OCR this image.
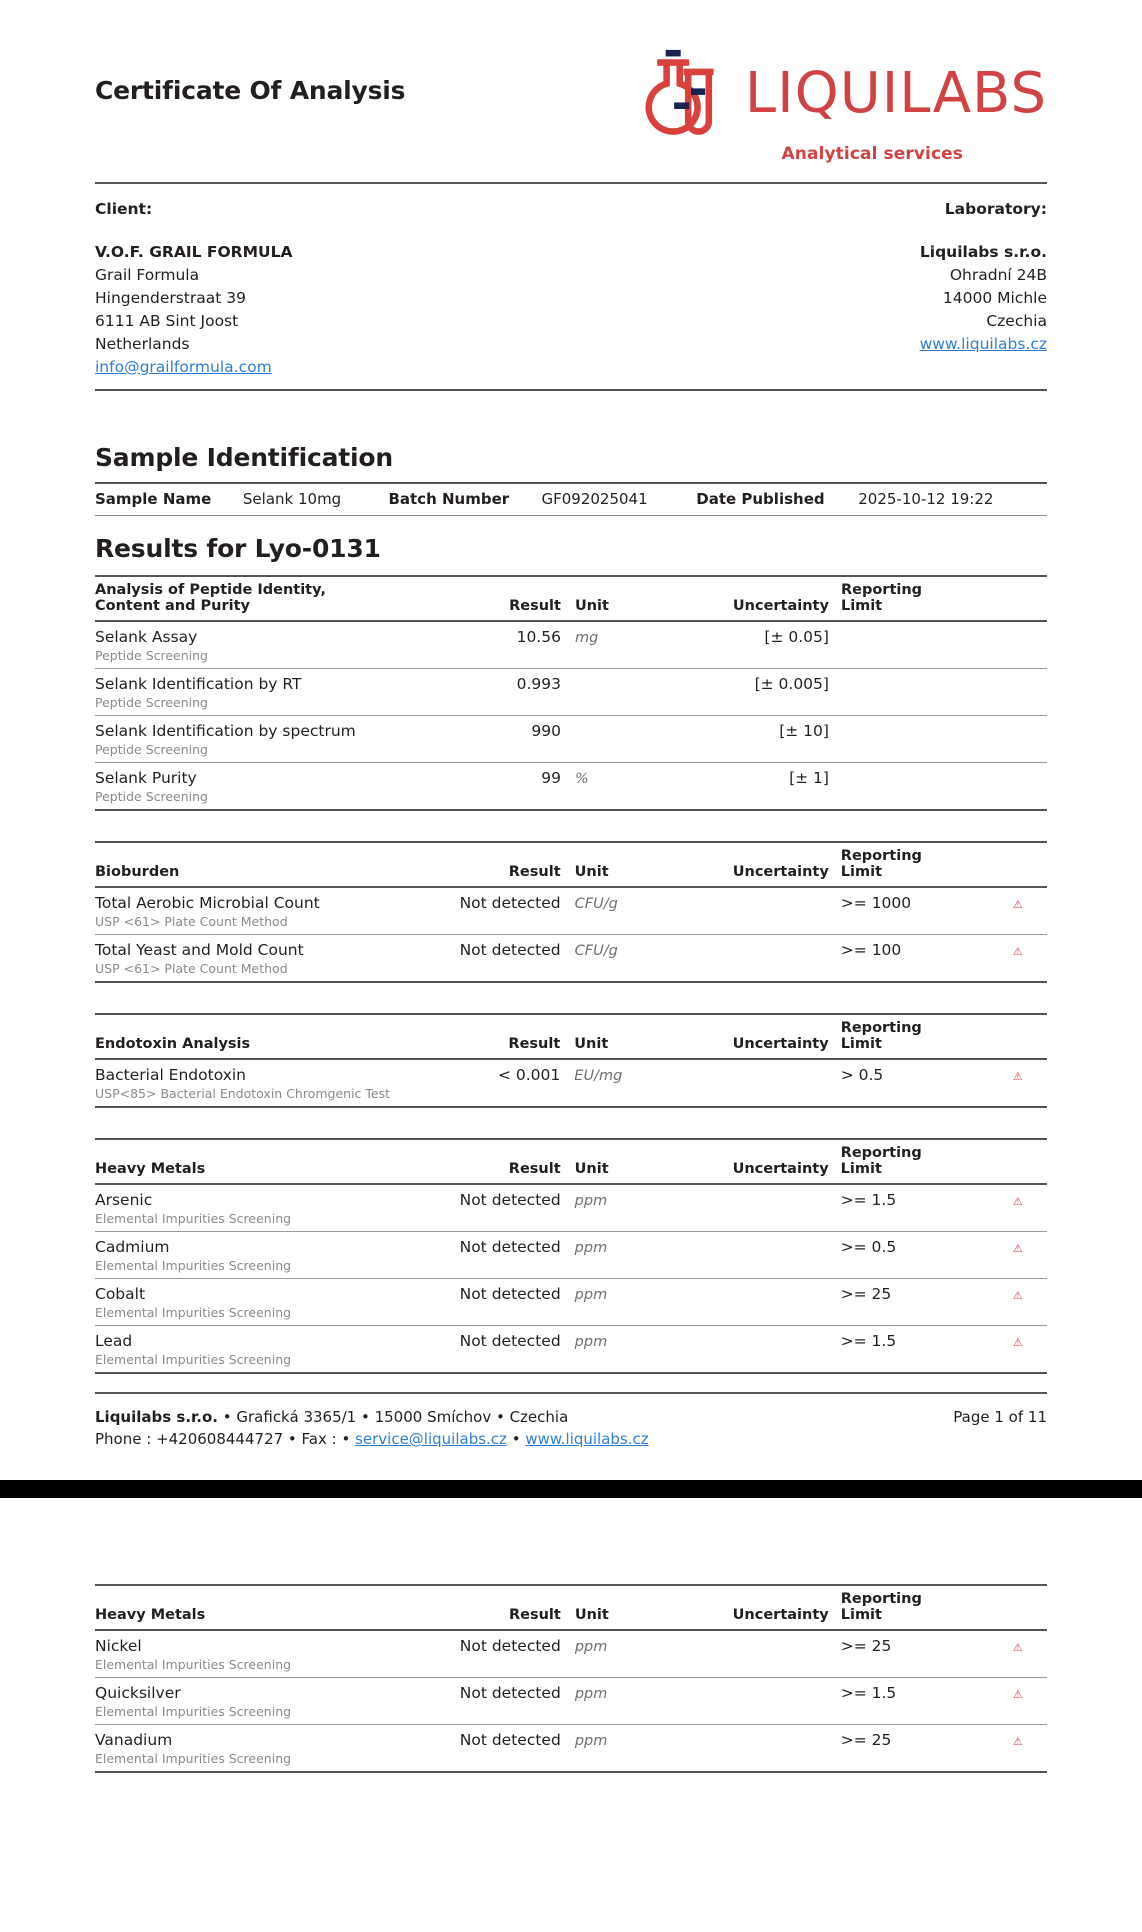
Certificate Of Analysis	LIQUILABS
Analytical services
Client:
V.O.F. GRAIL FORMULA
Grail Formula
Hingenderstraat 39
6111 AB Sint Joost
Netherlands
info@grailformula.com
Laboratory:
Liquilabs s.r.o.
Ohradní 24B
14000 Michle
Czechia
www.liquilabs.cz
Sample Identification
Sample Name	Selank 10mg	Batch Number	GF092025041	Date Published	2025-10-12 19:22
Results for Lyo-0131
Analysis of Peptide Identity,
Content and Purity	Result	Unit	Uncertainty	
Reporting
Limit

Selank Assay
Peptide Screening	10.56	mg	[± 0.05]		

Selank Identification by RT
Peptide Screening	0.993		[± 0.005]		

Selank Identification by spectrum
Peptide Screening	990		[± 10]		

Selank Purity
Peptide Screening	99	%	[± 1]		
Bioburden	Result	Unit	Uncertainty	Reporting
Limit	

Total Aerobic Microbial Count
USP <61> Plate Count Method	Not detected	CFU/g		>= 1000	⚠

Total Yeast and Mold Count
USP <61> Plate Count Method	Not detected	CFU/g		>= 100	⚠
Endotoxin Analysis	Result	Unit	Uncertainty	Reporting
Limit	

Bacterial Endotoxin
USP<85> Bacterial Endotoxin Chromgenic Test	< 0.001	EU/mg		> 0.5	⚠
Heavy Metals	Result	Unit	Uncertainty	Reporting
Limit	

Arsenic
Elemental Impurities Screening	Not detected	ppm		>= 1.5	⚠

Cadmium
Elemental Impurities Screening	Not detected	ppm		>= 0.5	⚠

Cobalt
Elemental Impurities Screening	Not detected	ppm		>= 25	⚠

Lead
Elemental Impurities Screening	Not detected	ppm		>= 1.5	⚠
Liquilabs s.r.o. • Grafická 3365/1 • 15000 Smíchov • Czechia
Phone : +420608444727 • Fax : • service@liquilabs.cz • www.liquilabs.cz
Page 1 of 11
Heavy Metals	Result	Unit	Uncertainty	Reporting
Limit	

Nickel
Elemental Impurities Screening	Not detected	ppm		>= 25	⚠

Quicksilver
Elemental Impurities Screening	Not detected	ppm		>= 1.5	⚠

Vanadium
Elemental Impurities Screening	Not detected	ppm		>= 25	⚠
